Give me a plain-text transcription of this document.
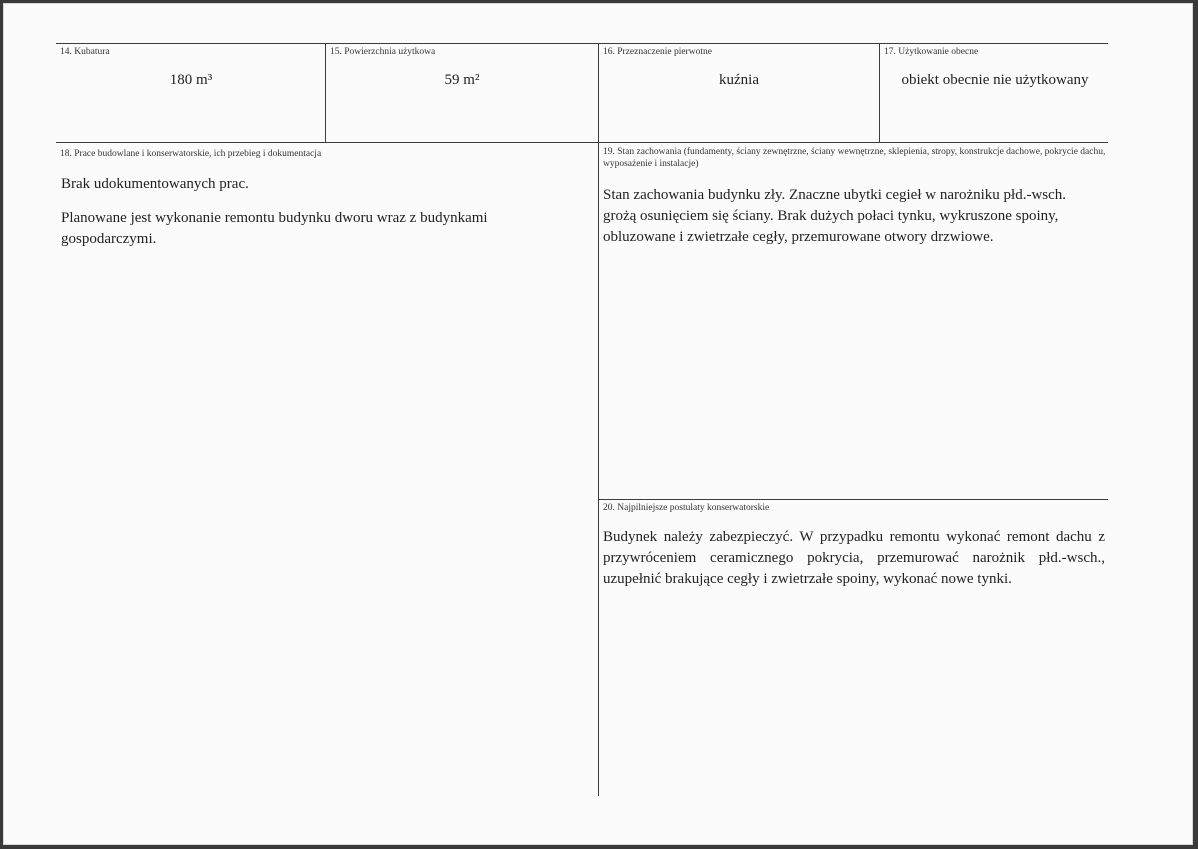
14. Kubatura
180 m³
15. Powierzchnia użytkowa
59 m²
16. Przeznaczenie pierwotne
kuźnia
17. Użytkowanie obecne
obiekt obecnie nie użytkowany
18. Prace budowlane i konserwatorskie, ich przebieg i dokumentacja

Brak udokumentowanych prac.

Planowane jest wykonanie remontu budynku dworu wraz z budynkami gospodarczymi.

19. Stan zachowania (fundamenty, ściany zewnętrzne, ściany wewnętrzne, sklepienia, stropy, konstrukcje dachowe, pokrycie dachu, wyposażenie i instalacje)
Stan zachowania budynku zły. Znaczne ubytki cegieł w narożniku płd.-wsch. grożą osunięciem się ściany. Brak dużych połaci tynku, wykruszone spoiny, obluzowane i zwietrzałe cegły, przemurowane otwory drzwiowe.
20. Najpilniejsze postulaty konserwatorskie
Budynek należy zabezpieczyć. W przypadku remontu wykonać remont dachu z przywróceniem ceramicznego pokrycia, przemurować narożnik płd.-wsch., uzupełnić brakujące cegły i zwietrzałe spoiny, wykonać nowe tynki.
